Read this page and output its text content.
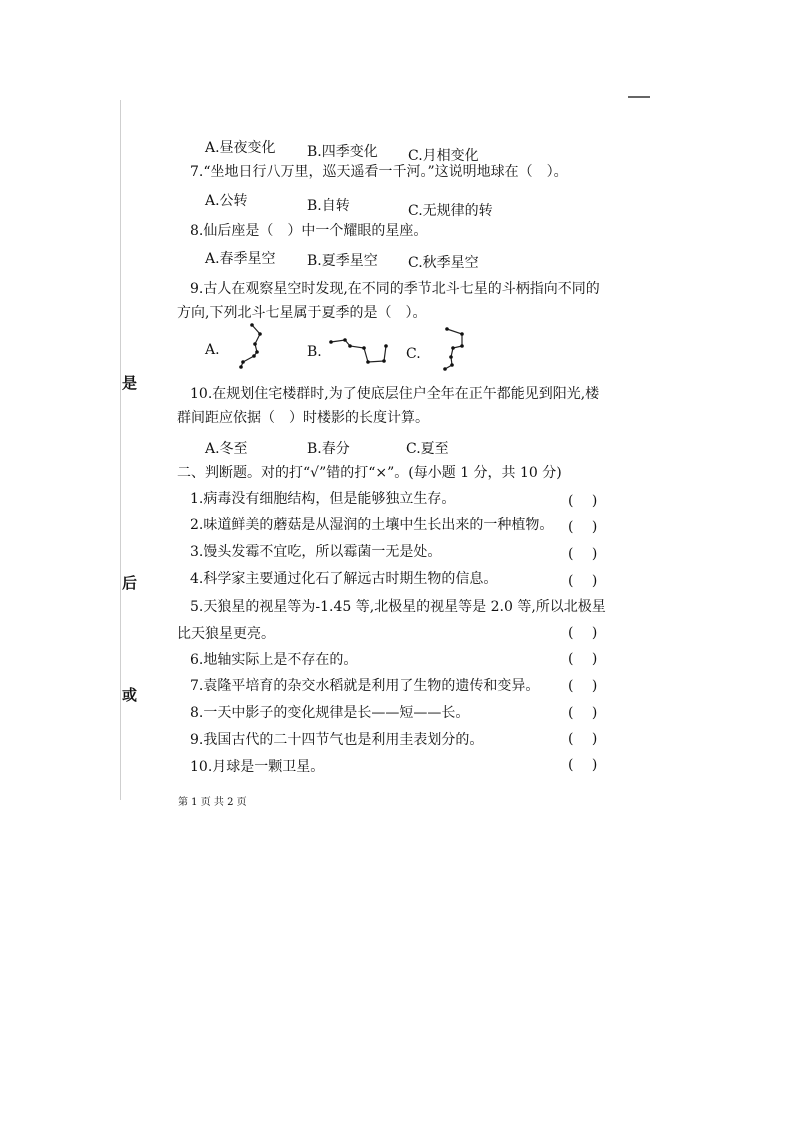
是
后
或
A.昼夜变化 B.四季变化 C.月相变化
7.“坐地日行八万里，巡天遥看一千河。”这说明地球在（　）。
A.公转	B.自转	C.无规律的转
8.仙后座是（　）中一个耀眼的星座。
A.春季星空 B.夏季星空 C.秋季星空
9.古人在观察星空时发现,在不同的季节北斗七星的斗柄指向不同的
方向,下列北斗七星属于夏季的是（　）。
A.	B.	C.
10.在规划住宅楼群时,为了使底层住户全年在正午都能见到阳光,楼
群间距应依据（　）时楼影的长度计算。
A.冬至	B.春分	C.夏至
二、判断题。对的打“√”错的打“×”。(每小题 1 分，共 10 分)
1.病毒没有细胞结构，但是能够独立生存。	(　 )
2.味道鲜美的蘑菇是从湿润的土壤中生长出来的一种植物。 (　 )
3.馒头发霉不宜吃，所以霉菌一无是处。	(　 )
4.科学家主要通过化石了解远古时期生物的信息。	(　 )
5.天狼星的视星等为-1.45 等,北极星的视星等是 2.0 等,所以北极星
比天狼星更亮。	(　 )
6.地轴实际上是不存在的。	(　 )
7.袁隆平培育的杂交水稻就是利用了生物的遗传和变异。 (　 )
8.一天中影子的变化规律是长——短——长。	(　 )
9.我国古代的二十四节气也是利用圭表划分的。	(　 )
10.月球是一颗卫星。	(　 )
第 1 页 共 2 页
